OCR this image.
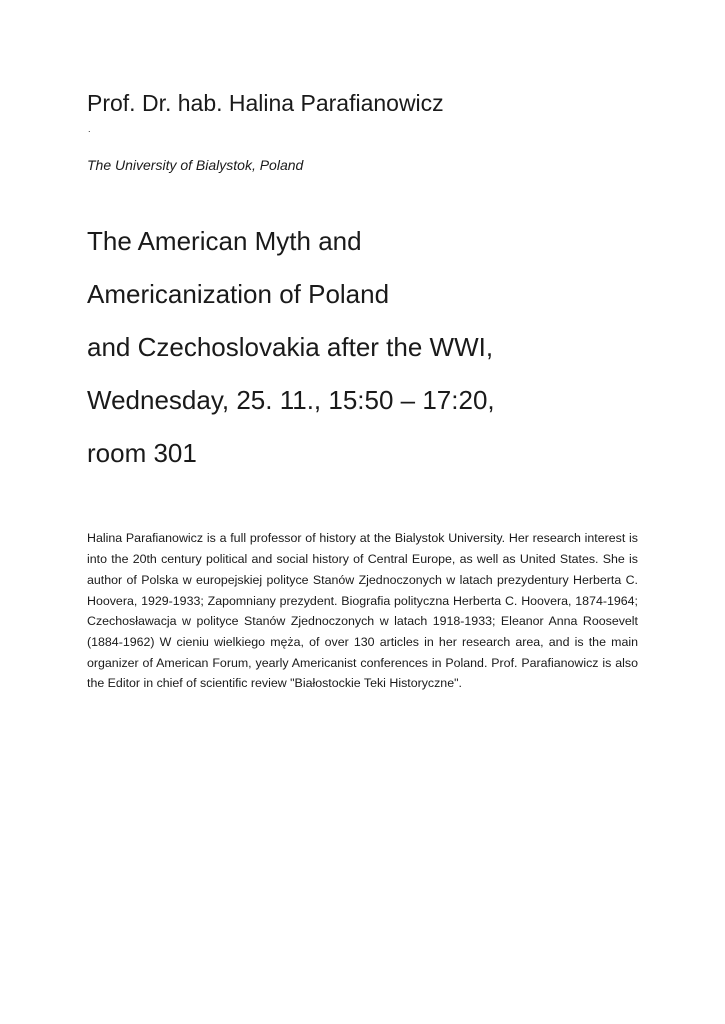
Prof. Dr. hab. Halina Parafianowicz
.
The University of Bialystok, Poland
The American Myth and
Americanization of Poland
and Czechoslovakia after the WWI,
Wednesday, 25. 11., 15:50 – 17:20,
room 301

Halina Parafianowicz is a full professor of history at the Bialystok University. Her research interest is into the 20th century political and social history of Central Europe, as well as United States. She is author of Polska w europejskiej polityce Stanów Zjednoczonych w latach prezydentury Herberta C. Hoovera, 1929-1933; Zapomniany prezydent. Biografia polityczna Herberta C. Hoovera, 1874-1964; Czechosławacja w polityce Stanów Zjednoczonych w latach 1918-1933; Eleanor Anna Roosevelt (1884-1962) W cieniu wielkiego męża, of over 130 articles in her research area, and is the main organizer of American Forum, yearly Americanist conferences in Poland. Prof. Parafianowicz is also the Editor in chief of scientific review "Białostockie Teki Historyczne".
